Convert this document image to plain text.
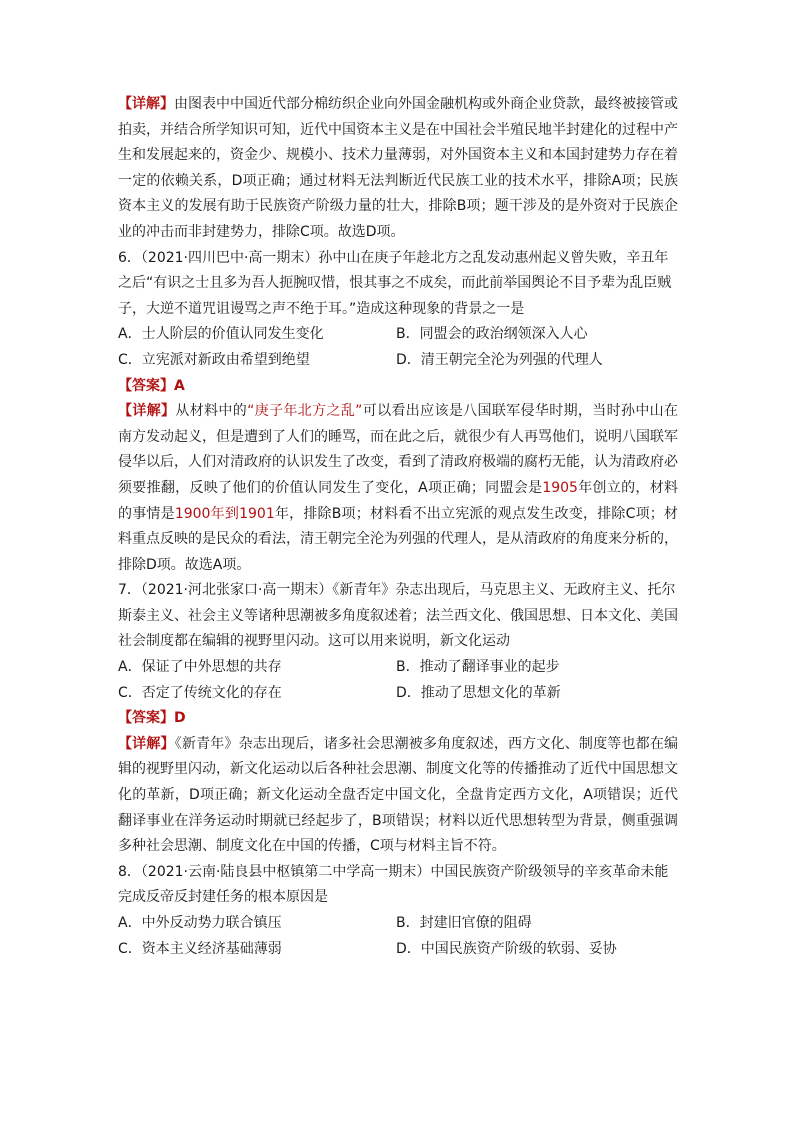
【详解】由图表中中国近代部分棉纺织企业向外国金融机构或外商企业贷款，最终被接管或拍卖，并结合所学知识可知，近代中国资本主义是在中国社会半殖民地半封建化的过程中产生和发展起来的，资金少、规模小、技术力量薄弱，对外国资本主义和本国封建势力存在着一定的依赖关系，D项正确；通过材料无法判断近代民族工业的技术水平，排除A项；民族资本主义的发展有助于民族资产阶级力量的壮大，排除B项；题干涉及的是外资对于民族企业的冲击而非封建势力，排除C项。故选D项。

6．（2021·四川巴中·高一期末）孙中山在庚子年趁北方之乱发动惠州起义曾失败，辛丑年之后“有识之士且多为吾人扼腕叹惜，恨其事之不成矣，而此前举国舆论不目予辈为乱臣贼子，大逆不道咒诅谩骂之声不绝于耳。”造成这种现象的背景之一是

A．士人阶层的价值认同发生变化	B．同盟会的政治纲领深入人心
C．立宪派对新政由希望到绝望	D．清王朝完全沦为列强的代理人

【答案】A

【详解】从材料中的“庚子年北方之乱”可以看出应该是八国联军侵华时期，当时孙中山在南方发动起义，但是遭到了人们的睡骂，而在此之后，就很少有人再骂他们，说明八国联军侵华以后，人们对清政府的认识发生了改变，看到了清政府极端的腐朽无能，认为清政府必须要推翻，反映了他们的价值认同发生了变化，A项正确；同盟会是1905年创立的，材料的事情是1900年到1901年，排除B项；材料看不出立宪派的观点发生改变，排除C项；材料重点反映的是民众的看法，清王朝完全沦为列强的代理人，是从清政府的角度来分析的，排除D项。故选A项。

7．（2021·河北张家口·高一期末）《新青年》杂志出现后，马克思主义、无政府主义、托尔斯泰主义、社会主义等诸种思潮被多角度叙述着；法兰西文化、俄国思想、日本文化、美国社会制度都在编辑的视野里闪动。这可以用来说明，新文化运动

A．保证了中外思想的共存	B．推动了翻译事业的起步
C．否定了传统文化的存在	D．推动了思想文化的革新

【答案】D

【详解】《新青年》杂志出现后，诸多社会思潮被多角度叙述，西方文化、制度等也都在编辑的视野里闪动，新文化运动以后各种社会思潮、制度文化等的传播推动了近代中国思想文化的革新，D项正确；新文化运动全盘否定中国文化，全盘肯定西方文化，A项错误；近代翻译事业在洋务运动时期就已经起步了，B项错误；材料以近代思想转型为背景，侧重强调多种社会思潮、制度文化在中国的传播，C项与材料主旨不符。

8．（2021·云南·陆良县中枢镇第二中学高一期末）中国民族资产阶级领导的辛亥革命未能完成反帝反封建任务的根本原因是

A．中外反动势力联合镇压	B．封建旧官僚的阻碍
C．资本主义经济基础薄弱	D．中国民族资产阶级的软弱、妥协
